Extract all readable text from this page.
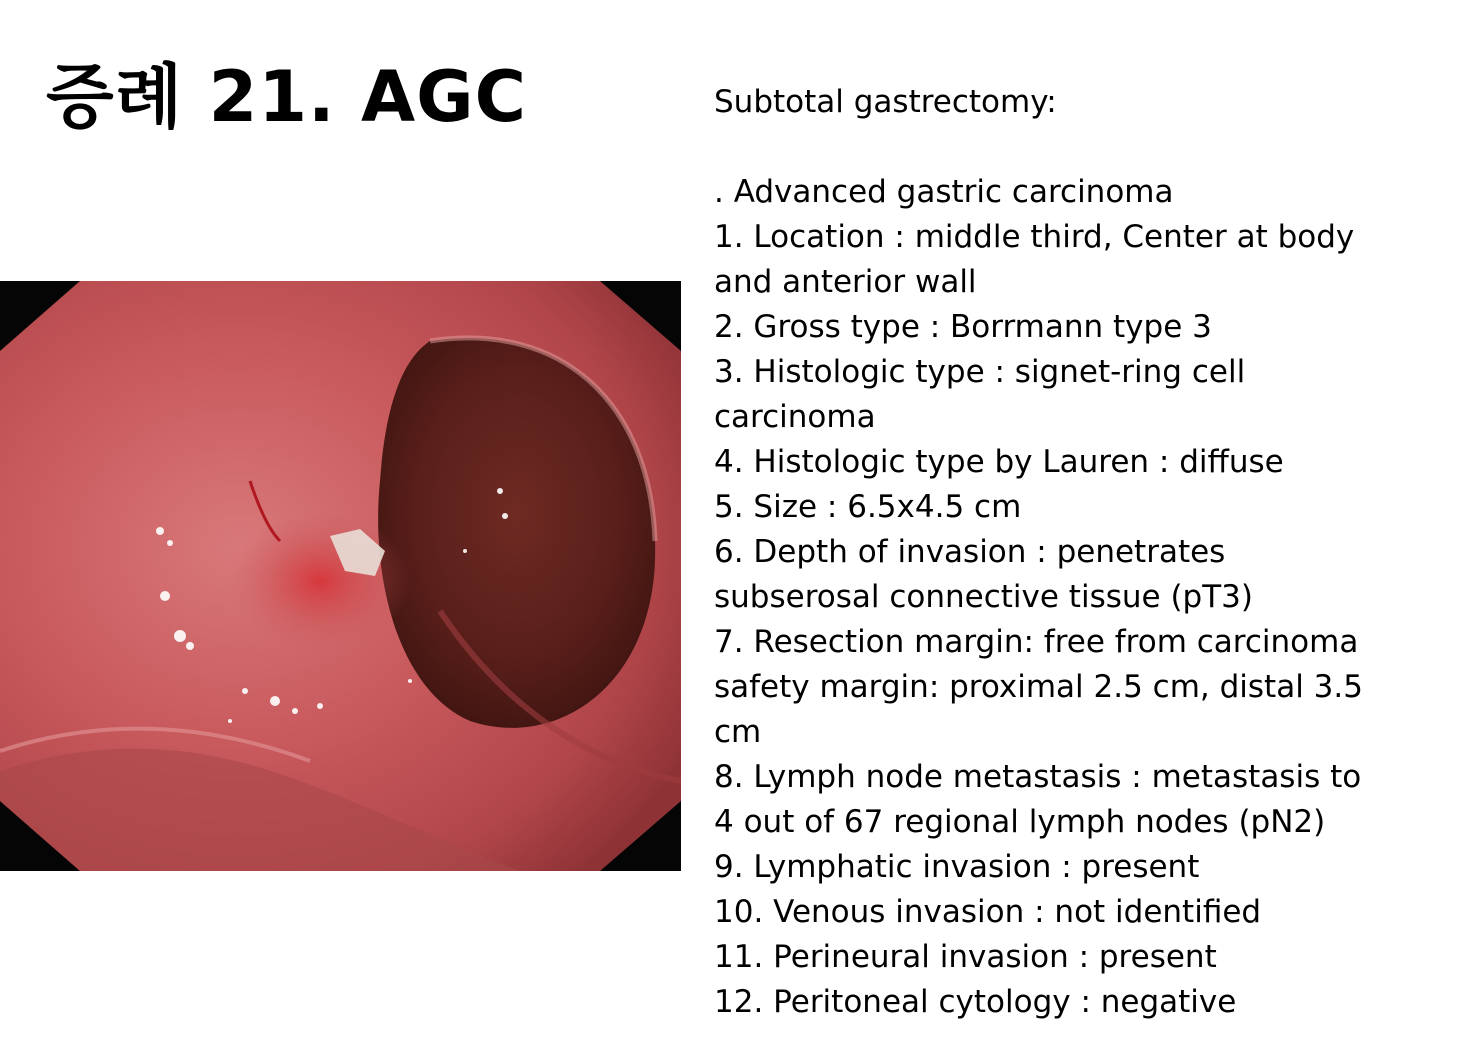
증례 21. AGC	Subtotal gastrectomy:
. Advanced gastric carcinoma
1. Location : middle third, Center at body
and anterior wall
2. Gross type : Borrmann type 3
3. Histologic type : signet-ring cell
carcinoma
4. Histologic type by Lauren : diffuse
5. Size : 6.5x4.5 cm
6. Depth of invasion : penetrates
subserosal connective tissue (pT3)
7. Resection margin: free from carcinoma
safety margin: proximal 2.5 cm, distal 3.5
cm
8. Lymph node metastasis : metastasis to
4 out of 67 regional lymph nodes (pN2)
9. Lymphatic invasion : present
10. Venous invasion : not identified
11. Perineural invasion : present
12. Peritoneal cytology : negative
